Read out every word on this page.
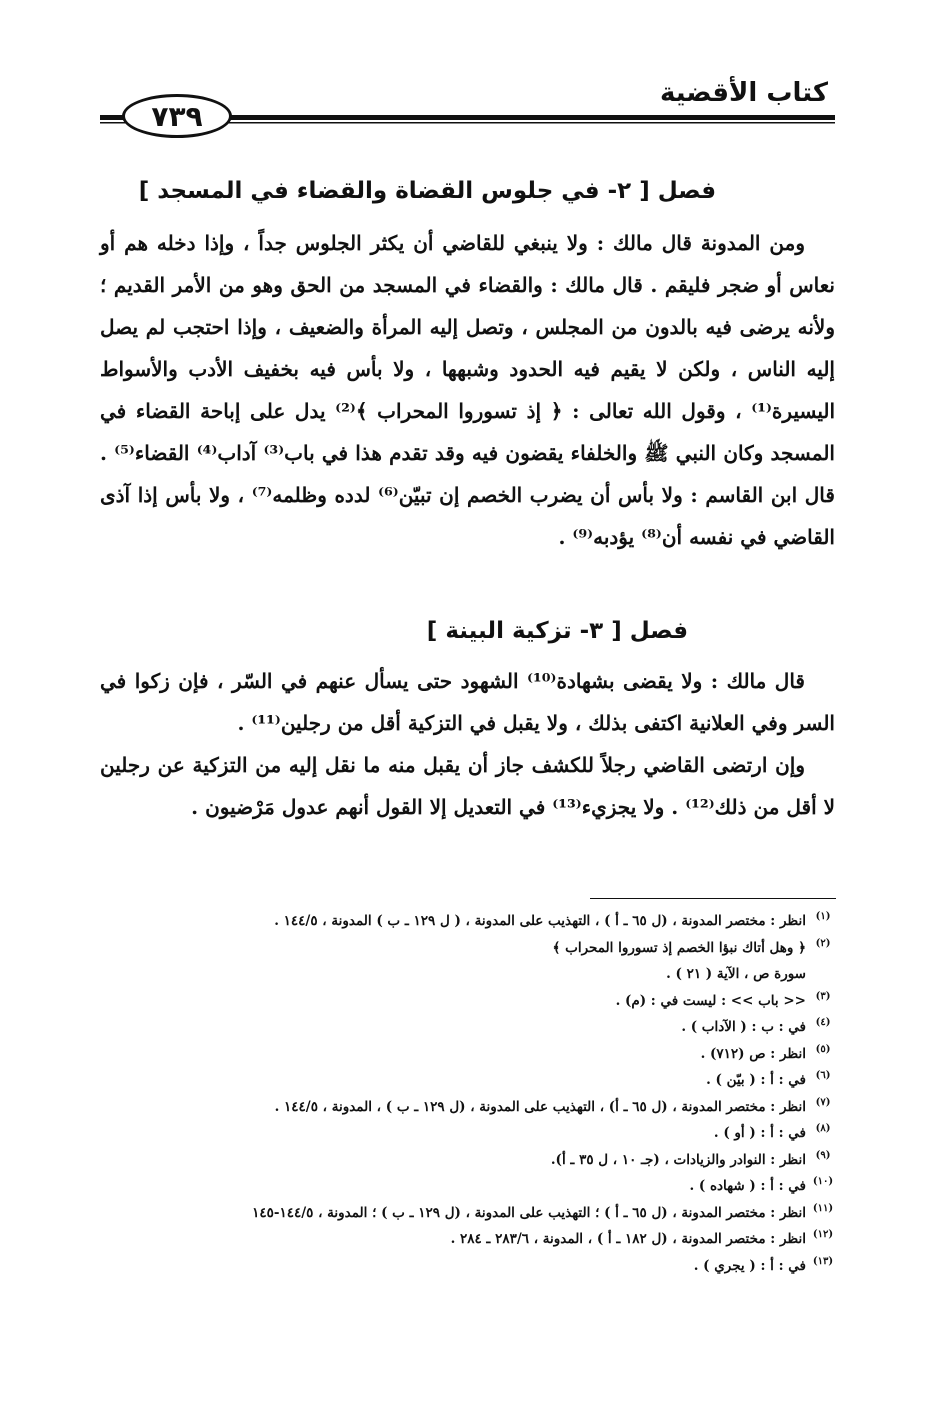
كتاب الأقضية
٧٣٩
فصل [ ٢- في جلوس القضاة والقضاء في المسجد ]

ومن المدونة قال مالك : ولا ينبغي للقاضي أن يكثر الجلوس جداً ، وإذا دخله هم أو نعاس أو ضجر فليقم . قال مالك : والقضاء في المسجد من الحق وهو من الأمر القديم ؛ ولأنه يرضى فيه بالدون من المجلس ، وتصل إليه المرأة والضعيف ، وإذا احتجب لم يصل إليه الناس ، ولكن لا يقيم فيه الحدود وشبهها ، ولا بأس فيه بخفيف الأدب والأسواط اليسيرة⁽¹⁾ ، وقول الله تعالى : ﴿ إذ تسوروا المحراب ﴾⁽²⁾ يدل على إباحة القضاء في المسجد وكان النبي ﷺ والخلفاء يقضون فيه وقد تقدم هذا في باب⁽³⁾ آداب⁽⁴⁾ القضاء⁽⁵⁾ . قال ابن القاسم : ولا بأس أن يضرب الخصم إن تبيّن⁽⁶⁾ لدده وظلمه⁽⁷⁾ ، ولا بأس إذا آذى القاضي في نفسه أن⁽⁸⁾ يؤدبه⁽⁹⁾ .

فصل [ ٣- تزكية البينة ]

قال مالك : ولا يقضى بشهادة⁽¹⁰⁾ الشهود حتى يسأل عنهم في السّر ، فإن زكوا في السر وفي العلانية اكتفى بذلك ، ولا يقبل في التزكية أقل من رجلين⁽¹¹⁾ .

وإن ارتضى القاضي رجلاً للكشف جاز أن يقبل منه ما نقل إليه من التزكية عن رجلين لا أقل من ذلك⁽¹²⁾ . ولا يجزيء⁽¹³⁾ في التعديل إلا القول أنهم عدول مَرْضيون .

(١)
انظر : مختصر المدونة ، (ل ٦٥ ـ أ ) ، التهذيب على المدونة ، ( ل ١٢٩ ـ ب ) المدونة ، ١٤٤/٥ .
(٢)
﴿ وهل أتاك نبؤا الخصم إذ تسوروا المحراب ﴾
سورة ص ، الآية ( ٢١ ) .
(٣)
<< باب >> : ليست في : (م) .
(٤)
في : ب : ( الآداب ) .
(٥)
انظر : ص (٧١٢) .
(٦)
في : أ : ( بيّن ) .
(٧)
انظر : مختصر المدونة ، (ل ٦٥ ـ أ) ، التهذيب على المدونة ، (ل ١٢٩ ـ ب ) ، المدونة ، ١٤٤/٥ .
(٨)
في : أ : ( أو ) .
(٩)
انظر : النوادر والزيادات ، (جـ ١٠ ، ل ٣٥ ـ أ).
(١٠)
في : أ : ( شهاده ) .
(١١)
انظر : مختصر المدونة ، (ل ٦٥ ـ أ ) ؛ التهذيب على المدونة ، (ل ١٢٩ ـ ب ) ؛ المدونة ، ١٤٤/٥-١٤٥
(١٢)
انظر : مختصر المدونة ، (ل ١٨٢ ـ أ ) ، المدونة ، ٢٨٣/٦ ـ ٢٨٤ .
(١٣)
في : أ : ( يجري ) .
